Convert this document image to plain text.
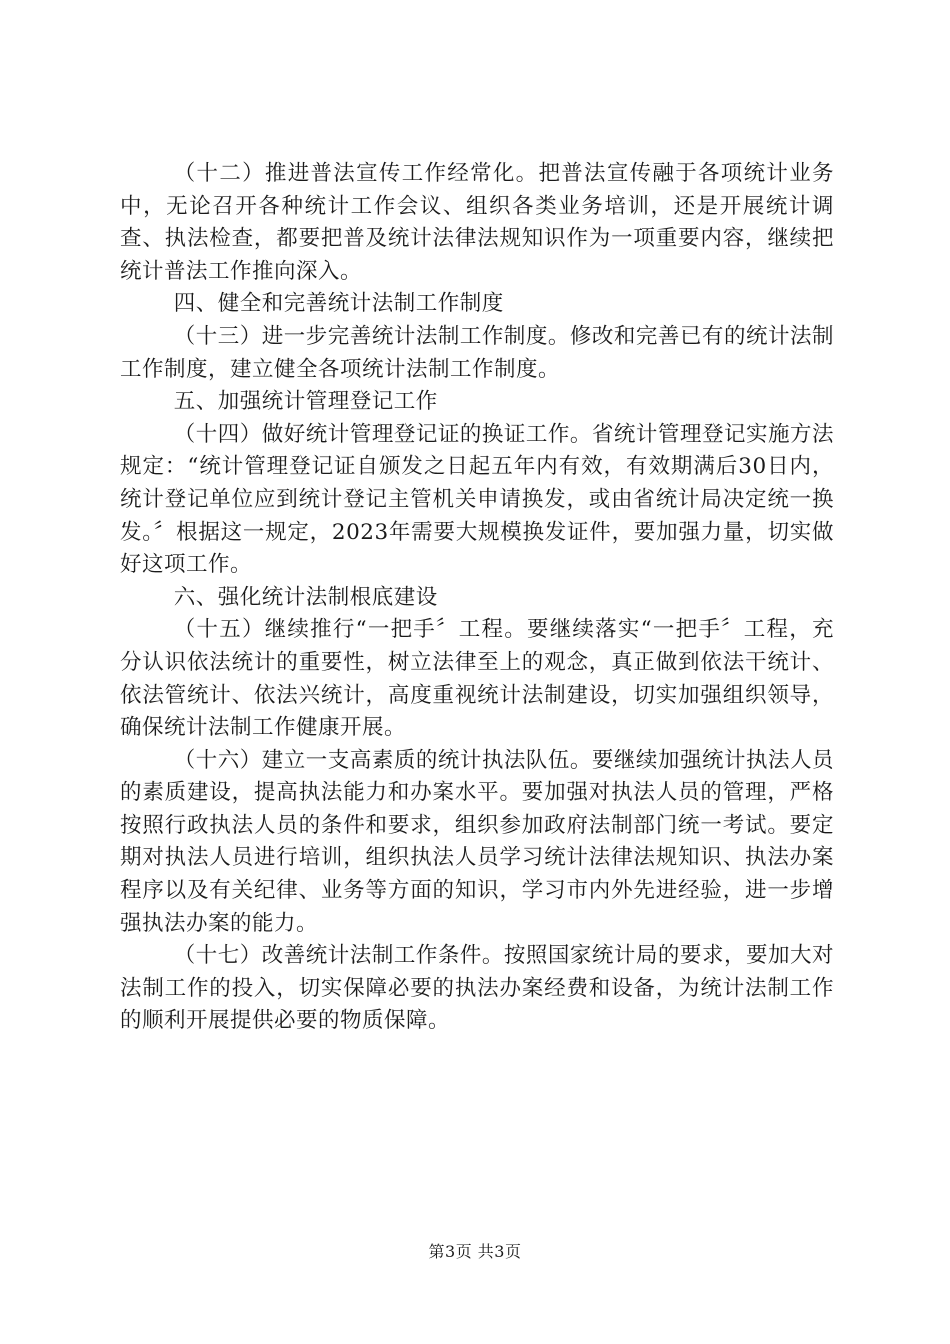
（十二）推进普法宣传工作经常化。把普法宣传融于各项统计业务中，无论召开各种统计工作会议、组织各类业务培训，还是开展统计调查、执法检查，都要把普及统计法律法规知识作为一项重要内容，继续把统计普法工作推向深入。

四、健全和完善统计法制工作制度

（十三）进一步完善统计法制工作制度。修改和完善已有的统计法制工作制度，建立健全各项统计法制工作制度。

五、加强统计管理登记工作

（十四）做好统计管理登记证的换证工作。省统计管理登记实施方法规定：“统计管理登记证自颁发之日起五年内有效，有效期满后30日内，统计登记单位应到统计登记主管机关申请换发，或由省统计局决定统一换发。〞根据这一规定，2023年需要大规模换发证件，要加强力量，切实做好这项工作。

六、强化统计法制根底建设

（十五）继续推行“一把手〞工程。要继续落实“一把手〞工程，充分认识依法统计的重要性，树立法律至上的观念，真正做到依法干统计、依法管统计、依法兴统计，高度重视统计法制建设，切实加强组织领导，确保统计法制工作健康开展。

（十六）建立一支高素质的统计执法队伍。要继续加强统计执法人员的素质建设，提高执法能力和办案水平。要加强对执法人员的管理，严格按照行政执法人员的条件和要求，组织参加政府法制部门统一考试。要定期对执法人员进行培训，组织执法人员学习统计法律法规知识、执法办案程序以及有关纪律、业务等方面的知识，学习市内外先进经验，进一步增强执法办案的能力。

（十七）改善统计法制工作条件。按照国家统计局的要求，要加大对法制工作的投入，切实保障必要的执法办案经费和设备，为统计法制工作的顺利开展提供必要的物质保障。

第3页 共3页
